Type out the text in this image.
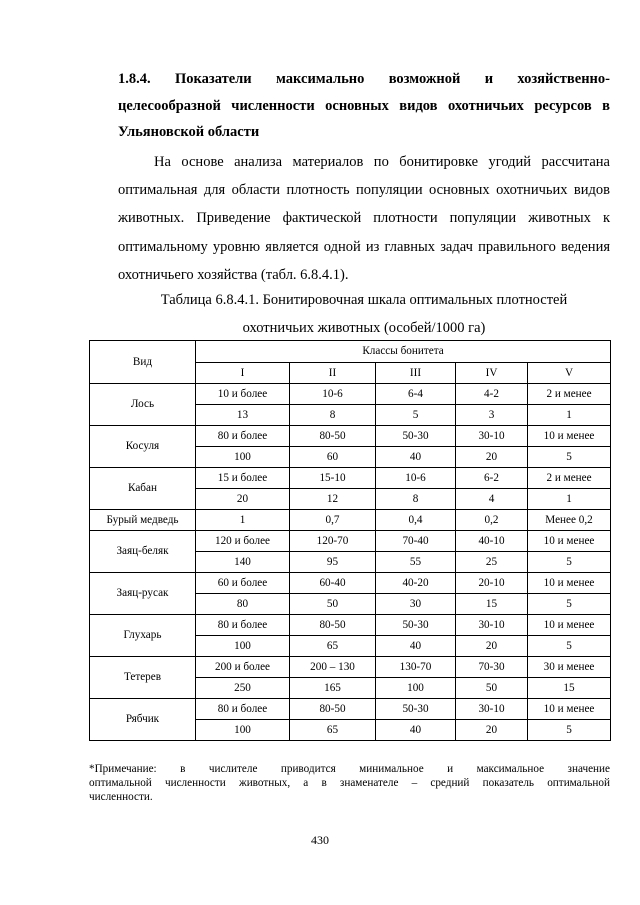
1.8.4. Показатели максимально возможной и хозяйственно-
целесообразной численности основных видов охотничьих ресурсов в
Ульяновской области
На основе анализа материалов по бонитировке угодий рассчитана
оптимальная для области плотность популяции основных охотничьих видов
животных. Приведение фактической плотности популяции животных к
оптимальному уровню является одной из главных задач правильного ведения
охотничьего хозяйства (табл. 6.8.4.1).
Таблица 6.8.4.1. Бонитировочная шкала оптимальных плотностей
охотничьих животных (особей/1000 га)
Вид	Классы бонитета				
	I	II	III	IV	V
Лось	10 и более	10-6	6-4	4-2	2 и менее
	13	8	5	3	1
Косуля	80 и более	80-50	50-30	30-10	10 и менее
	100	60	40	20	5
Кабан	15 и более	15-10	10-6	6-2	2 и менее
	20	12	8	4	1
Бурый медведь	1	0,7	0,4	0,2	Менее 0,2
Заяц-беляк	120 и более	120-70	70-40	40-10	10 и менее
	140	95	55	25	5
Заяц-русак	60 и более	60-40	40-20	20-10	10 и менее
	80	50	30	15	5
Глухарь	80 и более	80-50	50-30	30-10	10 и менее
	100	65	40	20	5
Тетерев	200 и более	200 – 130	130-70	70-30	30 и менее
	250	165	100	50	15
Рябчик	80 и более	80-50	50-30	30-10	10 и менее
	100	65	40	20	5
*Примечание: в числителе приводится минимальное и максимальное значение
оптимальной численности животных, а в знаменателе – средний показатель оптимальной
численности.
430
